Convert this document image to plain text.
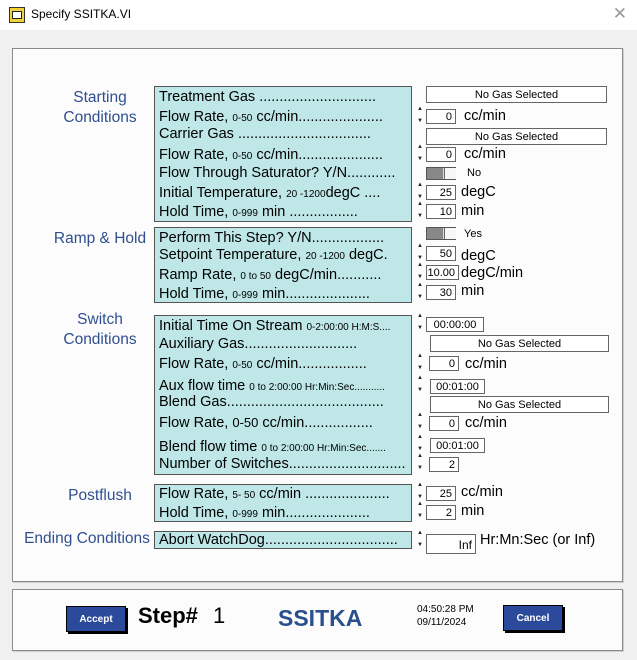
Specify SSITKA.VI	✕
Starting
Conditions
Ramp & Hold
Switch
Conditions
Postflush
Ending Conditions
Treatment Gas .............................	No Gas Selected
Flow Rate, 0-50 cc/min..................... ▲ ▼	0 cc/min
Carrier Gas .................................	No Gas Selected
Flow Rate, 0-50 cc/min..................... ▲ ▼	0 cc/min
Flow Through Saturator? Y/N............	No
Initial Temperature, 20 -1200degC .... ▲ ▼	25 degC
Hold Time, 0-999 min ................. ▲ ▼	10 min
Perform This Step? Y/N..................	Yes
Setpoint Temperature, 20 -1200 degC. ▲ ▼	50 degC
Ramp Rate, 0 to 50 degC/min........... ▲ ▼	10.00 degC/min
Hold Time, 0-999 min..................... ▲ ▼	30 min
Initial Time On Stream 0-2:00:00 H:M:S.... ▲ ▼	00:00:00
Auxiliary Gas............................	No Gas Selected
Flow Rate, 0-50 cc/min................. ▲ ▼	0 cc/min
Aux flow time 0 to 2:00:00 Hr:Min:Sec........... ▲ ▼	00:01:00
Blend Gas.......................................	No Gas Selected
Flow Rate, 0-50 cc/min................. ▲ ▼	0 cc/min
Blend flow time 0 to 2:00:00 Hr:Min:Sec....... ▲ ▼	00:01:00
Number of Switches............................. ▲ ▼	2
Flow Rate, 5- 50 cc/min ..................... ▲ ▼	25 cc/min
Hold Time, 0-999 min..................... ▲ ▼	2 min
Abort WatchDog................................. ▲ ▼	Inf Hr:Mn:Sec (or Inf)
Accept	Step# 1 SSITKA	04:50:28 PM
09/11/2024	Cancel
